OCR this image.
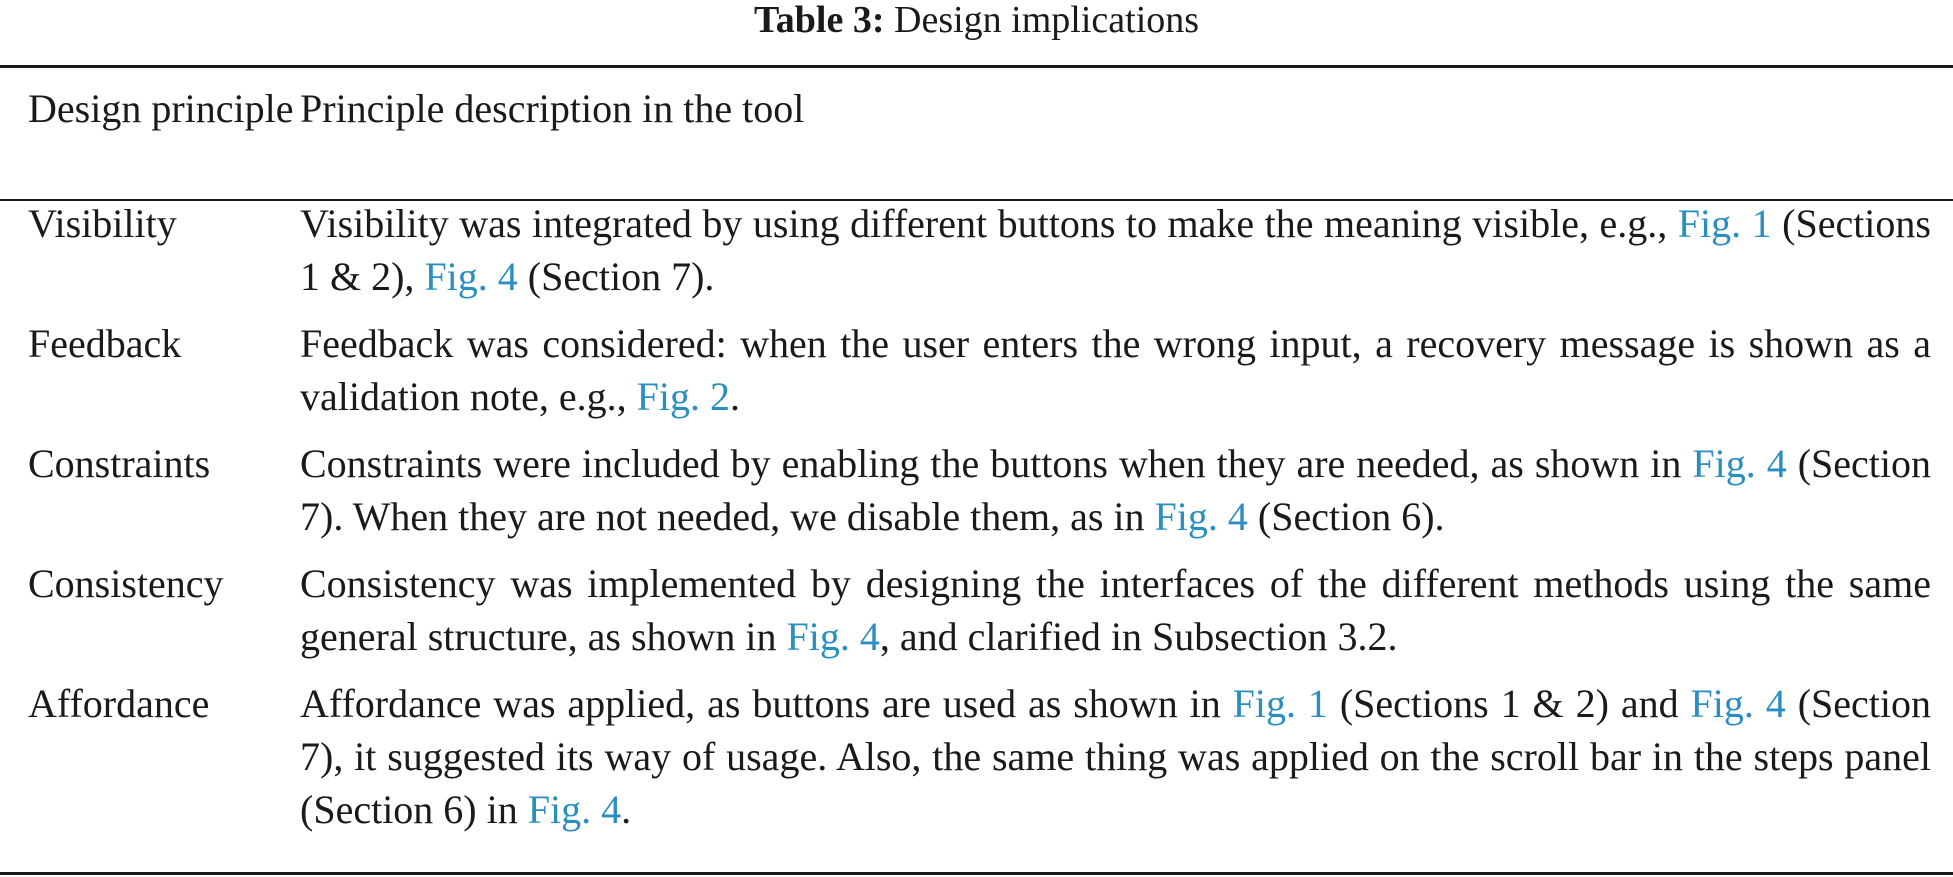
Table 3: Design implications
Design principle	Principle description in the tool
Visibility	Visibility was integrated by using different buttons to make the meaning visible, e.g., Fig. 1 (Sections 1 & 2), Fig. 4 (Section 7).
Feedback	Feedback was considered: when the user enters the wrong input, a recovery message is shown as a validation note, e.g., Fig. 2.
Constraints	Constraints were included by enabling the buttons when they are needed, as shown in Fig. 4 (Section 7). When they are not needed, we disable them, as in Fig. 4 (Section 6).
Consistency	Consistency was implemented by designing the interfaces of the different methods using the same general structure, as shown in Fig. 4, and clarified in Subsection 3.2.
Affordance	Affordance was applied, as buttons are used as shown in Fig. 1 (Sections 1 & 2) and Fig. 4 (Section 7), it suggested its way of usage. Also, the same thing was applied on the scroll bar in the steps panel (Section 6) in Fig. 4.
